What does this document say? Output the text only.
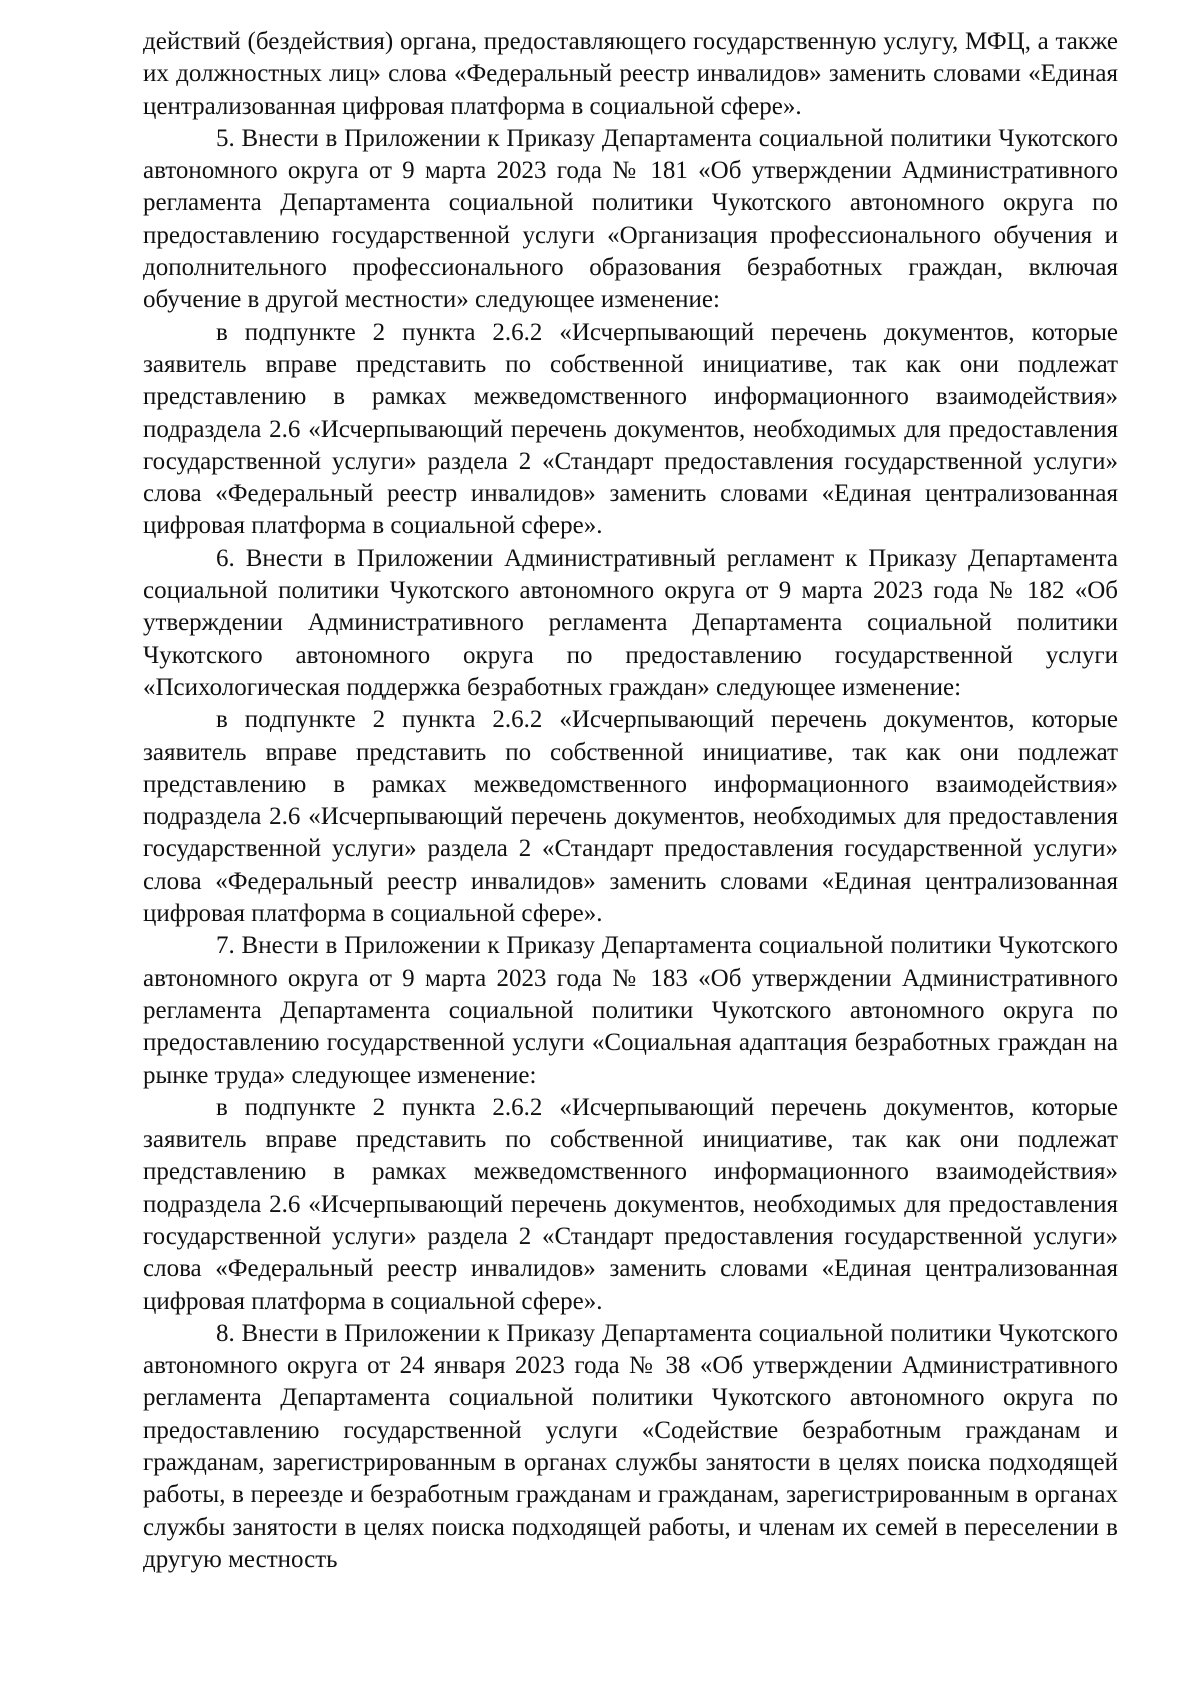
действий (бездействия) органа, предоставляющего государственную услугу, МФЦ, а также их должностных лиц» слова «Федеральный реестр инвалидов» заменить словами «Единая централизованная цифровая платформа в социальной сфере».

5. Внести в Приложении к Приказу Департамента социальной политики Чукотского автономного округа от 9 марта 2023 года № 181 «Об утверждении Административного регламента Департамента социальной политики Чукотского автономного округа по предоставлению государственной услуги «Организация профессионального обучения и дополнительного профессионального образования безработных граждан, включая обучение в другой местности» следующее изменение:

в подпункте 2 пункта 2.6.2 «Исчерпывающий перечень документов, которые заявитель вправе представить по собственной инициативе, так как они подлежат представлению в рамках межведомственного информационного взаимодействия» подраздела 2.6 «Исчерпывающий перечень документов, необходимых для предоставления государственной услуги» раздела 2 «Стандарт предоставления государственной услуги» слова «Федеральный реестр инвалидов» заменить словами «Единая централизованная цифровая платформа в социальной сфере».

6. Внести в Приложении Административный регламент к Приказу Департамента социальной политики Чукотского автономного округа от 9 марта 2023 года № 182 «Об утверждении Административного регламента Департамента социальной политики Чукотского автономного округа по предоставлению государственной услуги «Психологическая поддержка безработных граждан» следующее изменение:

в подпункте 2 пункта 2.6.2 «Исчерпывающий перечень документов, которые заявитель вправе представить по собственной инициативе, так как они подлежат представлению в рамках межведомственного информационного взаимодействия» подраздела 2.6 «Исчерпывающий перечень документов, необходимых для предоставления государственной услуги» раздела 2 «Стандарт предоставления государственной услуги» слова «Федеральный реестр инвалидов» заменить словами «Единая централизованная цифровая платформа в социальной сфере».

7. Внести в Приложении к Приказу Департамента социальной политики Чукотского автономного округа от 9 марта 2023 года № 183 «Об утверждении Административного регламента Департамента социальной политики Чукотского автономного округа по предоставлению государственной услуги «Социальная адаптация безработных граждан на рынке труда» следующее изменение:

в подпункте 2 пункта 2.6.2 «Исчерпывающий перечень документов, которые заявитель вправе представить по собственной инициативе, так как они подлежат представлению в рамках межведомственного информационного взаимодействия» подраздела 2.6 «Исчерпывающий перечень документов, необходимых для предоставления государственной услуги» раздела 2 «Стандарт предоставления государственной услуги» слова «Федеральный реестр инвалидов» заменить словами «Единая централизованная цифровая платформа в социальной сфере».

8. Внести в Приложении к Приказу Департамента социальной политики Чукотского автономного округа от 24 января 2023 года № 38 «Об утверждении Административного регламента Департамента социальной политики Чукотского автономного округа по предоставлению государственной услуги «Содействие безработным гражданам и гражданам, зарегистрированным в органах службы занятости в целях поиска подходящей работы, в переезде и безработным гражданам и гражданам, зарегистрированным в органах службы занятости в целях поиска подходящей работы, и членам их семей в переселении в другую местность
